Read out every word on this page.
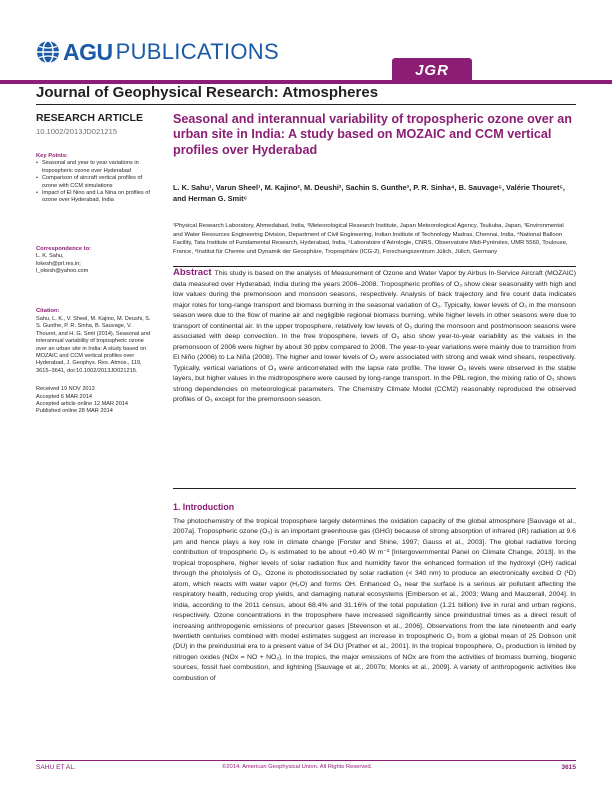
AGU PUBLICATIONS
JGR
Journal of Geophysical Research: Atmospheres
RESEARCH ARTICLE
10.1002/2013JD021215
Key Points:
• Seasonal and year to year variations in tropospheric ozone over Hyderabad
• Comparison of aircraft vertical profiles of ozone with CCM simulations
• Impact of El Nino and La Nina on profiles of ozone over Hyderabad, India
Correspondence to:
L. K. Sahu,
lokesh@prl.res.in;
l_okesh@yahoo.com
Citation:
Sahu, L. K., V. Sheel, M. Kajino, M. Deushi, S. S. Gunthe, P. R. Sinha, B. Sauvage, V. Thouret, and H. G. Smit (2014), Seasonal and interannual variability of tropospheric ozone over an urban site in India: A study based on MOZAIC and CCM vertical profiles over Hyderabad, J. Geophys. Res. Atmos., 119, 3615–3641, doi:10.1002/2013JD021215.
Received 19 NOV 2013
Accepted 6 MAR 2014
Accepted article online 12 MAR 2014
Published online 28 MAR 2014
Seasonal and interannual variability of tropospheric ozone over an urban site in India: A study based on MOZAIC and CCM vertical profiles over Hyderabad
L. K. Sahu¹, Varun Sheel¹, M. Kajino², M. Deushi², Sachin S. Gunthe³, P. R. Sinha⁴, B. Sauvage⁵, Valérie Thouret⁵, and Herman G. Smit⁶
¹Physical Research Laboratory, Ahmedabad, India, ²Meteorological Research Institute, Japan Meteorological Agency, Tsukuba, Japan, ³Environmental and Water Resources Engineering Division, Department of Civil Engineering, Indian Institute of Technology Madras, Chennai, India, ⁴National Balloon Facility, Tata Institute of Fundamental Research, Hyderabad, India, ⁵Laboratoire d'Aérologie, CNRS, Observatoire Midi-Pyrénées, UMR 5560, Toulouse, France, ⁶Institut für Chemie und Dynamik der Geosphäre, Troposphäre (ICG-2), Forschungszentrum Jülich, Jülich, Germany
Abstract This study is based on the analysis of Measurement of Ozone and Water Vapor by Airbus In-Service Aircraft (MOZAIC) data measured over Hyderabad, India during the years 2006–2008. Tropospheric profiles of O₃ show clear seasonality with high and low values during the premonsoon and monsoon seasons, respectively. Analysis of back trajectory and fire count data indicates major roles for long-range transport and biomass burning in the seasonal variation of O₃. Typically, lower levels of O₃ in the monsoon season were due to the flow of marine air and negligible regional biomass burning, while higher levels in other seasons were due to transport of continental air. In the upper troposphere, relatively low levels of O₃ during the monsoon and postmonsoon seasons were associated with deep convection. In the free troposphere, levels of O₃ also show year-to-year variability as the values in the premonsoon of 2006 were higher by about 30 ppbv compared to 2008. The year-to-year variations were mainly due to transition from El Niño (2006) to La Niña (2008). The higher and lower levels of O₃ were associated with strong and weak wind shears, respectively. Typically, vertical variations of O₃ were anticorrelated with the lapse rate profile. The lower O₃ levels were observed in the stable layers, but higher values in the midtroposphere were caused by long-range transport. In the PBL region, the mixing ratio of O₃ shows strong dependencies on meteorological parameters. The Chemistry Climate Model (CCM2) reasonably reproduced the observed profiles of O₃ except for the premonsoon season.
1. Introduction
The photochemistry of the tropical troposphere largely determines the oxidation capacity of the global atmosphere [Sauvage et al., 2007a]. Tropospheric ozone (O₃) is an important greenhouse gas (GHG) because of strong absorption of infrared (IR) radiation at 9.6 μm and hence plays a key role in climate change [Forster and Shine, 1997; Gauss et al., 2003]. The global radiative forcing contribution of tropospheric O₃ is estimated to be about +0.40 W m⁻² [Intergovernmental Panel on Climate Change, 2013]. In the tropical troposphere, higher levels of solar radiation flux and humidity favor the enhanced formation of the hydroxyl (OH) radical through the photolysis of O₃. Ozone is photodissociated by solar radiation (< 340 nm) to produce an electronically excited O (¹D) atom, which reacts with water vapor (H₂O) and forms OH. Enhanced O₃ near the surface is a serious air pollutant affecting the respiratory health, reducing crop yields, and damaging natural ecosystems [Emberson et al., 2003; Wang and Mauzerall, 2004]. In India, according to the 2011 census, about 68.4% and 31.16% of the total population (1.21 billion) live in rural and urban regions, respectively. Ozone concentrations in the troposphere have increased significantly since preindustrial times as a direct result of increasing anthropogenic emissions of precursor gases [Stevenson et al., 2006]. Observations from the late nineteenth and early twentieth centuries combined with model estimates suggest an increase in tropospheric O₃ from a global mean of 25 Dobson unit (DU) in the preindustrial era to a present value of 34 DU [Prather et al., 2001]. In the tropical troposphere, O₃ production is limited by nitrogen oxides (NOx = NO + NO₂). In the tropics, the major emissions of NOx are from the activities of biomass burning, biogenic sources, fossil fuel combustion, and lightning [Sauvage et al., 2007b; Monks et al., 2009]. A variety of anthropogenic activities like combustion of
SAHU ET AL.	©2014. American Geophysical Union. All Rights Reserved.	3615
